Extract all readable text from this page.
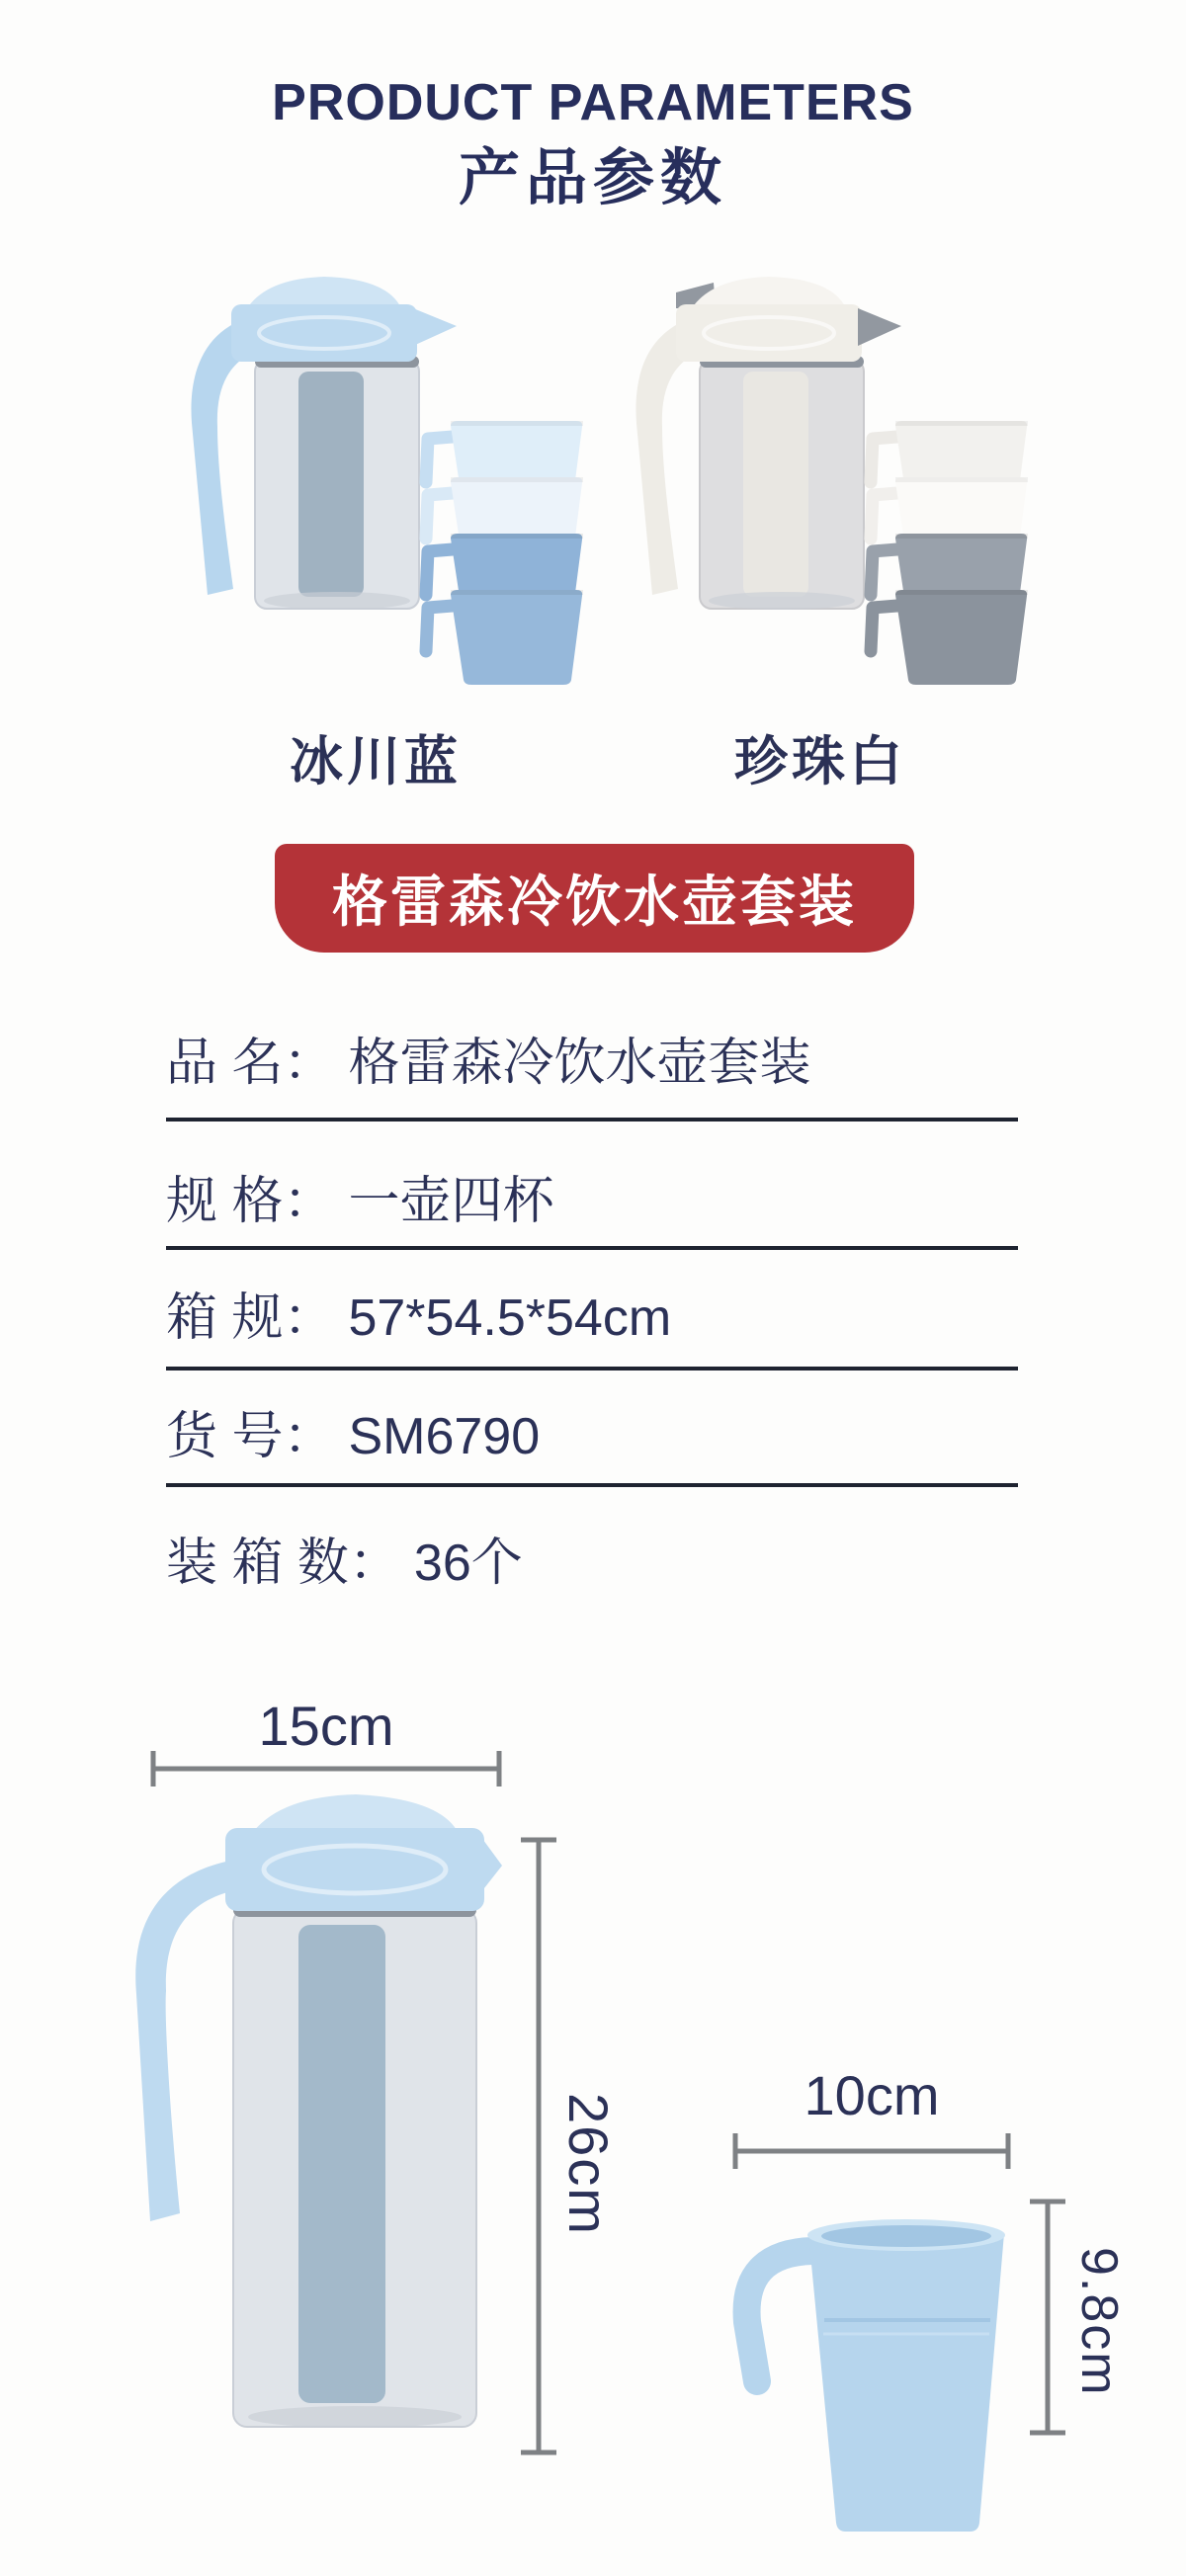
PRODUCT PARAMETERS
产品参数
冰川蓝	珍珠白
格雷森冷饮水壶套装
品 名： 格雷森冷饮水壶套装
规 格： 一壶四杯
箱 规： 57*54.5*54cm
货 号： SM6790
装 箱 数： 36个
15cm
26cm	10cm
9.8cm
